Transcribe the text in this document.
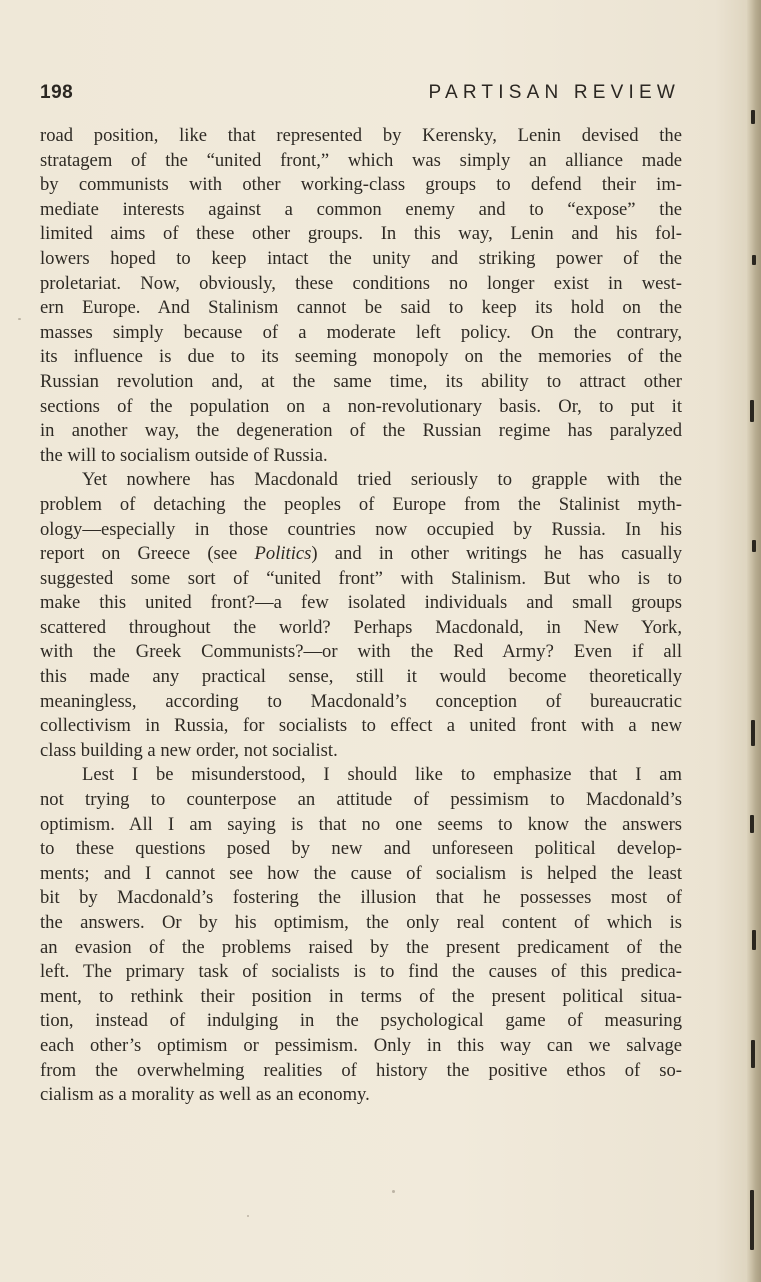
198	PARTISAN REVIEW
road position, like that represented by Kerensky, Lenin devised the
stratagem of the “united front,” which was simply an alliance made
by communists with other working-class groups to defend their im-
mediate interests against a common enemy and to “expose” the
limited aims of these other groups. In this way, Lenin and his fol-
lowers hoped to keep intact the unity and striking power of the
proletariat. Now, obviously, these conditions no longer exist in west-
ern Europe. And Stalinism cannot be said to keep its hold on the
masses simply because of a moderate left policy. On the contrary,
its influence is due to its seeming monopoly on the memories of the
Russian revolution and, at the same time, its ability to attract other
sections of the population on a non-revolutionary basis. Or, to put it
in another way, the degeneration of the Russian regime has paralyzed
the will to socialism outside of Russia.
Yet nowhere has Macdonald tried seriously to grapple with the
problem of detaching the peoples of Europe from the Stalinist myth-
ology—especially in those countries now occupied by Russia. In his
report on Greece (see Politics) and in other writings he has casually
suggested some sort of “united front” with Stalinism. But who is to
make this united front?—a few isolated individuals and small groups
scattered throughout the world? Perhaps Macdonald, in New York,
with the Greek Communists?—or with the Red Army? Even if all
this made any practical sense, still it would become theoretically
meaningless, according to Macdonald’s conception of bureaucratic
collectivism in Russia, for socialists to effect a united front with a new
class building a new order, not socialist.
Lest I be misunderstood, I should like to emphasize that I am
not trying to counterpose an attitude of pessimism to Macdonald’s
optimism. All I am saying is that no one seems to know the answers
to these questions posed by new and unforeseen political develop-
ments; and I cannot see how the cause of socialism is helped the least
bit by Macdonald’s fostering the illusion that he possesses most of
the answers. Or by his optimism, the only real content of which is
an evasion of the problems raised by the present predicament of the
left. The primary task of socialists is to find the causes of this predica-
ment, to rethink their position in terms of the present political situa-
tion, instead of indulging in the psychological game of measuring
each other’s optimism or pessimism. Only in this way can we salvage
from the overwhelming realities of history the positive ethos of so-
cialism as a morality as well as an economy.
